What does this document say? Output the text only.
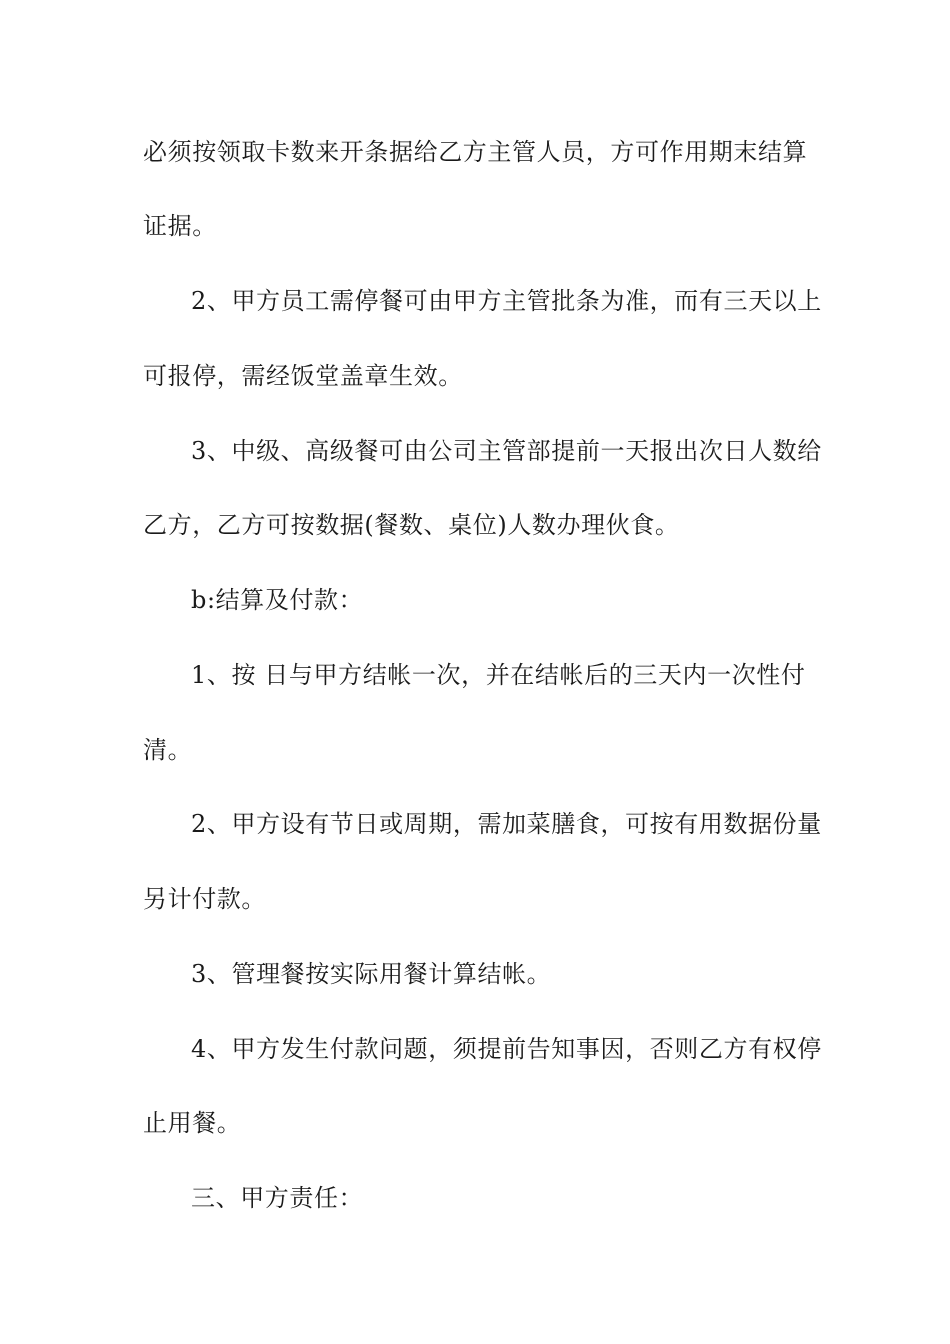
必须按领取卡数来开条据给乙方主管人员，方可作用期末结算
证据。
2、甲方员工需停餐可由甲方主管批条为准，而有三天以上
可报停，需经饭堂盖章生效。
3、中级、高级餐可由公司主管部提前一天报出次日人数给
乙方，乙方可按数据(餐数、桌位)人数办理伙食。
b:结算及付款：
1、按 日与甲方结帐一次，并在结帐后的三天内一次性付
清。
2、甲方设有节日或周期，需加菜膳食，可按有用数据份量
另计付款。
3、管理餐按实际用餐计算结帐。
4、甲方发生付款问题，须提前告知事因，否则乙方有权停
止用餐。
三、甲方责任：
